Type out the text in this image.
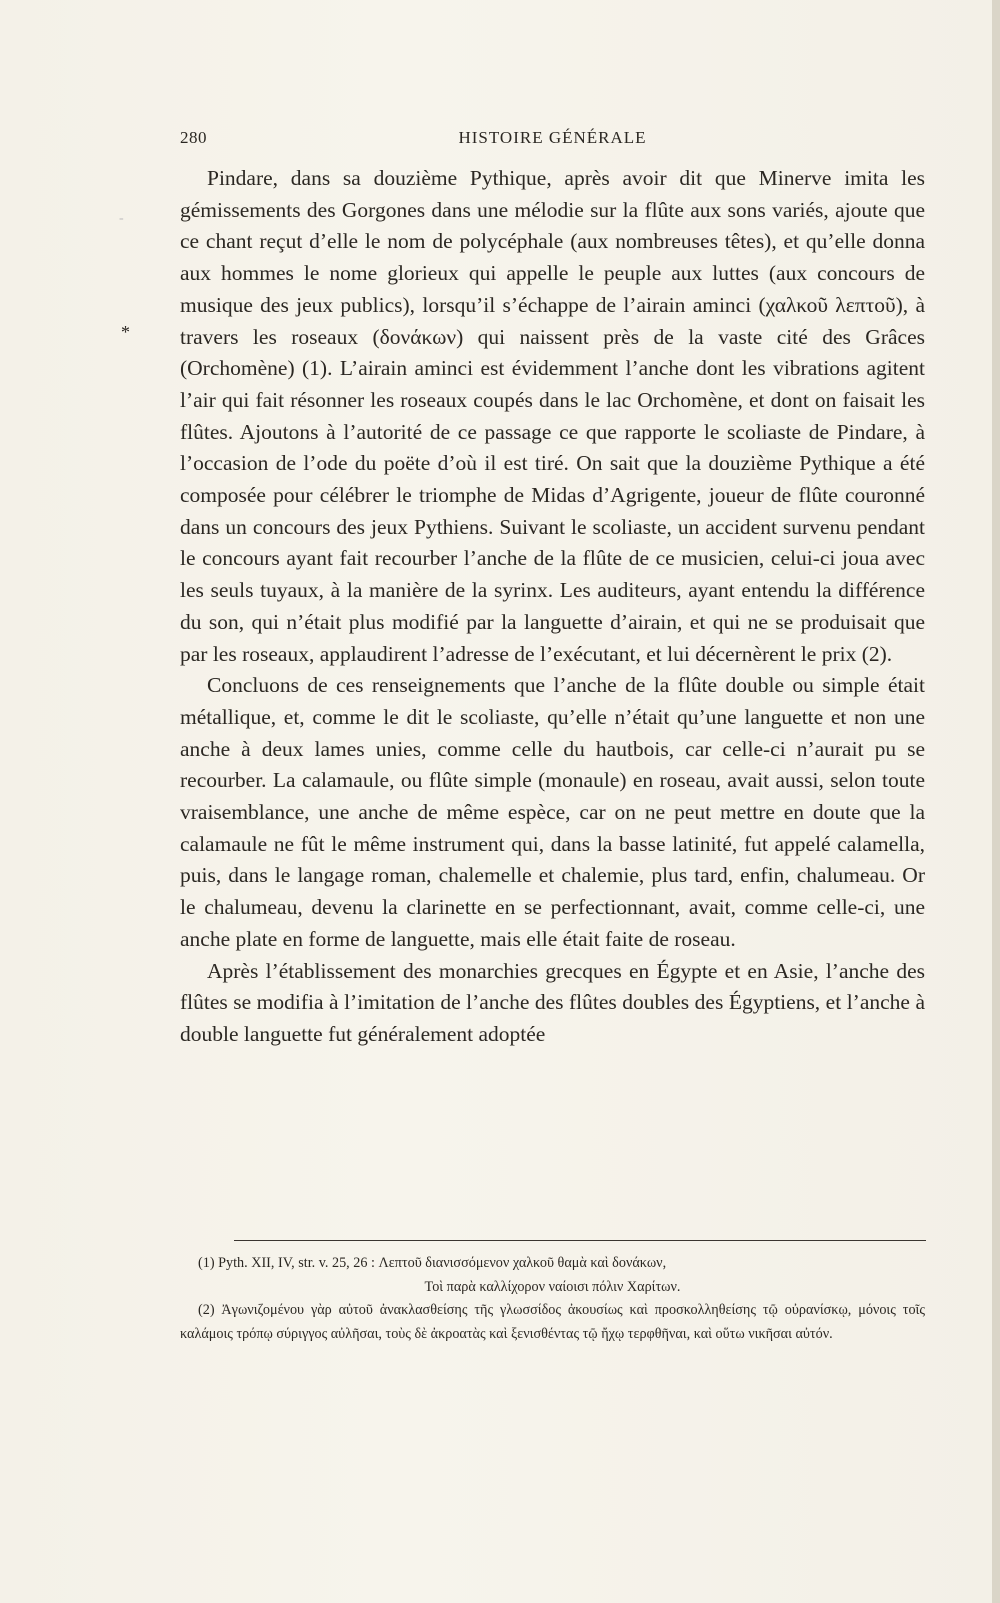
*
-
280	HISTOIRE GÉNÉRALE

Pindare, dans sa douzième Pythique, après avoir dit que Minerve imita les gémissements des Gorgones dans une mélodie sur la flûte aux sons variés, ajoute que ce chant reçut d’elle le nom de polycéphale (aux nombreuses têtes), et qu’elle donna aux hommes le nome glorieux qui appelle le peuple aux luttes (aux concours de musique des jeux publics), lorsqu’il s’échappe de l’airain aminci (χαλκοῦ λεπτοῦ), à travers les roseaux (δονάκων) qui naissent près de la vaste cité des Grâces (Orchomène) (1). L’airain aminci est évidemment l’anche dont les vibrations agitent l’air qui fait résonner les roseaux coupés dans le lac Orchomène, et dont on faisait les flûtes. Ajoutons à l’autorité de ce passage ce que rapporte le scoliaste de Pindare, à l’occasion de l’ode du poëte d’où il est tiré. On sait que la douzième Pythique a été composée pour célébrer le triomphe de Midas d’Agrigente, joueur de flûte couronné dans un concours des jeux Pythiens. Suivant le scoliaste, un accident survenu pendant le concours ayant fait recourber l’anche de la flûte de ce musicien, celui-ci joua avec les seuls tuyaux, à la manière de la syrinx. Les auditeurs, ayant entendu la différence du son, qui n’était plus modifié par la languette d’airain, et qui ne se produisait que par les roseaux, applaudirent l’adresse de l’exécutant, et lui décernèrent le prix (2).

Concluons de ces renseignements que l’anche de la flûte double ou simple était métallique, et, comme le dit le scoliaste, qu’elle n’était qu’une languette et non une anche à deux lames unies, comme celle du hautbois, car celle-ci n’aurait pu se recourber. La calamaule, ou flûte simple (monaule) en roseau, avait aussi, selon toute vraisemblance, une anche de même espèce, car on ne peut mettre en doute que la calamaule ne fût le même instrument qui, dans la basse latinité, fut appelé calamella, puis, dans le langage roman, chalemelle et chalemie, plus tard, enfin, chalumeau. Or le chalumeau, devenu la clarinette en se perfectionnant, avait, comme celle-ci, une anche plate en forme de languette, mais elle était faite de roseau.

Après l’établissement des monarchies grecques en Égypte et en Asie, l’anche des flûtes se modifia à l’imitation de l’anche des flûtes doubles des Égyptiens, et l’anche à double languette fut généralement adoptée

(1) Pyth. XII, IV, str. v. 25, 26 : Λεπτοῦ διανισσόμενον χαλκοῦ θαμὰ καὶ δονάκων,

Τοὶ παρὰ καλλίχορον ναίοισι πόλιν Χαρίτων.

(2) Ἀγωνιζομένου γὰρ αὐτοῦ ἀνακλασθείσης τῆς γλωσσίδος ἀκουσίως καὶ προσκολληθείσης τῷ οὐρανίσκῳ, μόνοις τοῖς καλάμοις τρόπῳ σύριγγος αὐλῆσαι, τοὺς δὲ ἀκροατὰς καὶ ξενισθέντας τῷ ἤχῳ τερφθῆναι, καὶ οὕτω νικῆσαι αὐτόν.
